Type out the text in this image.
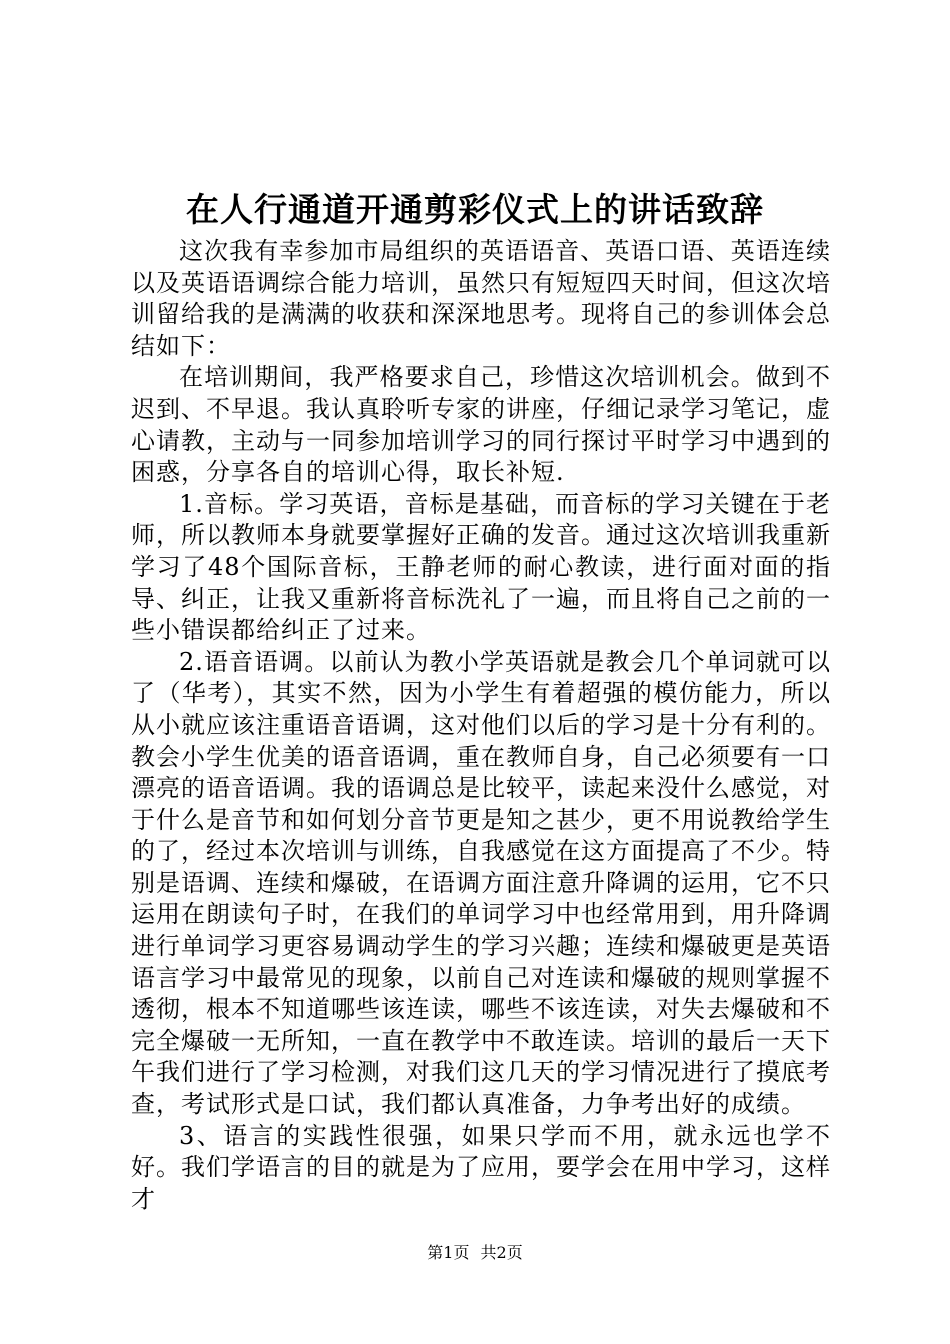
在人行通道开通剪彩仪式上的讲话致辞

这次我有幸参加市局组织的英语语音、英语口语、英语连续以及英语语调综合能力培训，虽然只有短短四天时间，但这次培训留给我的是满满的收获和深深地思考。现将自己的参训体会总结如下：

在培训期间，我严格要求自己，珍惜这次培训机会。做到不迟到、不早退。我认真聆听专家的讲座，仔细记录学习笔记，虚心请教，主动与一同参加培训学习的同行探讨平时学习中遇到的困惑，分享各自的培训心得，取长补短.

1.音标。学习英语，音标是基础，而音标的学习关键在于老师，所以教师本身就要掌握好正确的发音。通过这次培训我重新学习了48个国际音标，王静老师的耐心教读，进行面对面的指导、纠正，让我又重新将音标洗礼了一遍，而且将自己之前的一些小错误都给纠正了过来。

2.语音语调。以前认为教小学英语就是教会几个单词就可以了（华考），其实不然，因为小学生有着超强的模仿能力，所以从小就应该注重语音语调，这对他们以后的学习是十分有利的。教会小学生优美的语音语调，重在教师自身，自己必须要有一口漂亮的语音语调。我的语调总是比较平，读起来没什么感觉，对于什么是音节和如何划分音节更是知之甚少，更不用说教给学生的了，经过本次培训与训练，自我感觉在这方面提高了不少。特别是语调、连续和爆破，在语调方面注意升降调的运用，它不只运用在朗读句子时，在我们的单词学习中也经常用到，用升降调进行单词学习更容易调动学生的学习兴趣；连续和爆破更是英语语言学习中最常见的现象，以前自己对连读和爆破的规则掌握不透彻，根本不知道哪些该连读，哪些不该连读，对失去爆破和不完全爆破一无所知，一直在教学中不敢连读。培训的最后一天下午我们进行了学习检测，对我们这几天的学习情况进行了摸底考查，考试形式是口试，我们都认真准备，力争考出好的成绩。

3、语言的实践性很强，如果只学而不用，就永远也学不好。我们学语言的目的就是为了应用，要学会在用中学习，这样才

第1页 共2页
